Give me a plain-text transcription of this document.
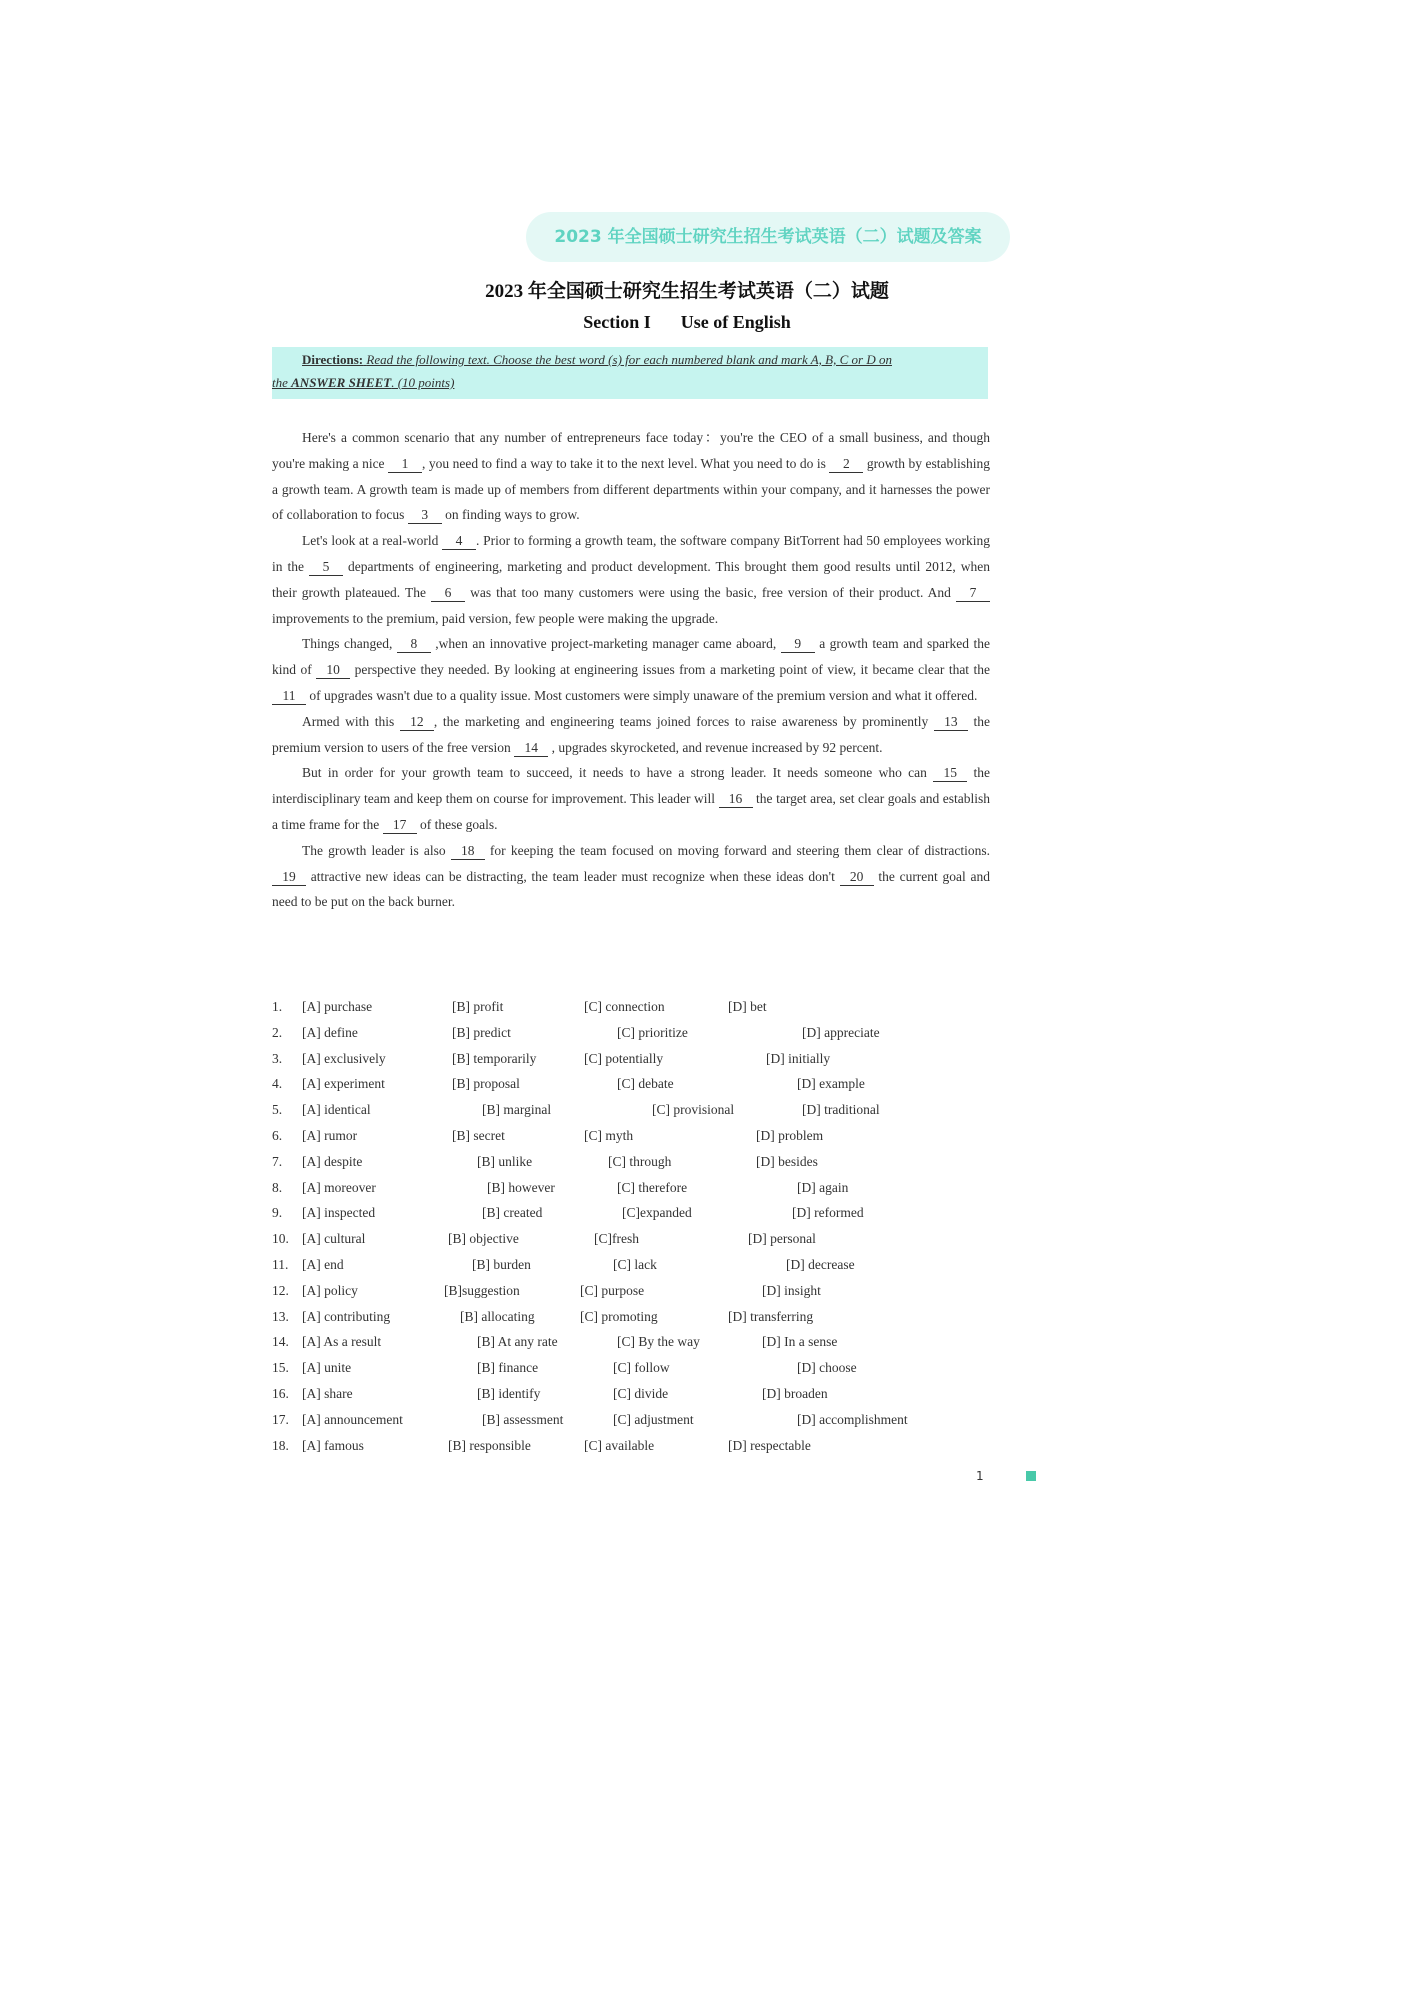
2023 年全国硕士研究生招生考试英语（二）试题及答案
2023 年全国硕士研究生招生考试英语（二）试题
Section I Use of English
Directions: Read the following text. Choose the best word (s) for each numbered blank and mark A, B, C or D on
the ANSWER SHEET. (10 points)

Here's a common scenario that any number of entrepreneurs face today：you're the CEO of a small business, and though you're making a nice 1 , you need to find a way to take it to the next level. What you need to do is 2 growth by establishing a growth team. A growth team is made up of members from different departments within your company, and it harnesses the power of collaboration to focus 3 on finding ways to grow.

Let's look at a real-world 4 . Prior to forming a growth team, the software company BitTorrent had 50 employees working in the 5 departments of engineering, marketing and product development. This brought them good results until 2012, when their growth plateaued. The 6 was that too many customers were using the basic, free version of their product. And 7 improvements to the premium, paid version, few people were making the upgrade.

Things changed, 8 ,when an innovative project-marketing manager came aboard, 9 a growth team and sparked the kind of 10 perspective they needed. By looking at engineering issues from a marketing point of view, it became clear that the 11 of upgrades wasn't due to a quality issue. Most customers were simply unaware of the premium version and what it offered.

Armed with this 12 , the marketing and engineering teams joined forces to raise awareness by prominently 13 the premium version to users of the free version 14 , upgrades skyrocketed, and revenue increased by 92 percent.

But in order for your growth team to succeed, it needs to have a strong leader. It needs someone who can 15 the interdisciplinary team and keep them on course for improvement. This leader will 16 the target area, set clear goals and establish a time frame for the 17 of these goals.

The growth leader is also 18 for keeping the team focused on moving forward and steering them clear of distractions. 19 attractive new ideas can be distracting, the team leader must recognize when these ideas don't 20 the current goal and need to be put on the back burner.

1. [A] purchase	[B] profit	[C] connection	[D] bet
2. [A] define	[B] predict	[C] prioritize	[D] appreciate
3. [A] exclusively	[B] temporarily	[C] potentially	[D] initially
4. [A] experiment	[B] proposal	[C] debate	[D] example
5. [A] identical	[B] marginal	[C] provisional	[D] traditional
6. [A] rumor	[B] secret	[C] myth	[D] problem
7. [A] despite	[B] unlike	[C] through	[D] besides
8. [A] moreover	[B] however	[C] therefore	[D] again
9. [A] inspected	[B] created	[C]expanded	[D] reformed
10. [A] cultural	[B] objective	[C]fresh	[D] personal
11. [A] end	[B] burden	[C] lack	[D] decrease
12. [A] policy	[B]suggestion	[C] purpose	[D] insight
13. [A] contributing	[B] allocating	[C] promoting	[D] transferring
14. [A] As a result	[B] At any rate	[C] By the way	[D] In a sense
15. [A] unite	[B] finance	[C] follow	[D] choose
16. [A] share	[B] identify	[C] divide	[D] broaden
17. [A] announcement	[B] assessment	[C] adjustment	[D] accomplishment
18. [A] famous	[B] responsible	[C] available	[D] respectable
1
